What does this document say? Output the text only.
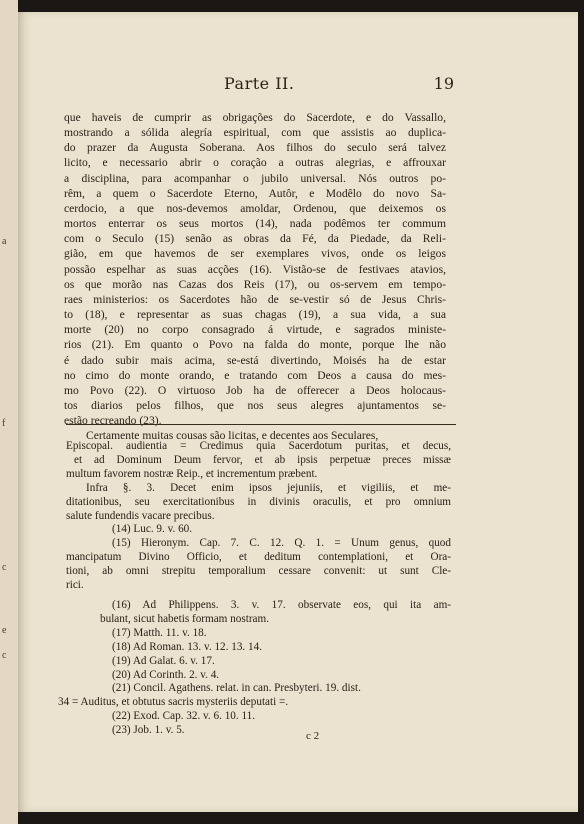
a
f
c
e
c
Parte II.	19
que haveis de cumprir as obrigações do Sacerdote, e do Vassallo,
mostrando a sólida alegría espiritual, com que assistis ao duplica-
do prazer da Augusta Soberana. Aos filhos do seculo será talvez
licito, e necessario abrir o coração a outras alegrias, e affrouxar
a disciplina, para acompanhar o jubilo universal. Nós outros po-
rêm, a quem o Sacerdote Eterno, Autôr, e Modêlo do novo Sa-
cerdocio, a que nos-devemos amoldar, Ordenou, que deixemos os
mortos enterrar os seus mortos (14), nada podêmos ter commum
com o Seculo (15) senão as obras da Fé, da Piedade, da Reli-
gião, em que havemos de ser exemplares vivos, onde os leigos
possão espelhar as suas acções (16). Vistão-se de festivaes atavios,
os que morão nas Cazas dos Reis (17), ou os-servem em tempo-
raes ministerios: os Sacerdotes hão de se-vestir só de Jesus Chris-
to (18), e representar as suas chagas (19), a sua vida, a sua
morte (20) no corpo consagrado á virtude, e sagrados ministe-
rios (21). Em quanto o Povo na falda do monte, porque lhe não
é dado subir mais acima, se-está divertindo, Moisés ha de estar
no cimo do monte orando, e tratando com Deos a causa do mes-
mo Povo (22). O virtuoso Job ha de offerecer a Deos holocaus-
tos diarios pelos filhos, que nos seus alegres ajuntamentos se-
estão recreando (23).
Certamente muitas cousas são licitas, e decentes aos Seculares,
Episcopal. audientia = Credimus quia Sacerdotum puritas, et decus,
et ad Dominum Deum fervor, et ab ipsis perpetuæ preces missæ
multum favorem nostræ Reip., et incrementum præbent.
Infra §. 3. Decet enim ipsos jejuniis, et vigiliis, et me-
ditationibus, seu exercitationibus in divinis oraculis, et pro omnium
salute fundendis vacare precibus.
(14) Luc. 9. v. 60.
(15) Hieronym. Cap. 7. C. 12. Q. 1. = Unum genus, quod
mancipatum Divino Officio, et deditum contemplationi, et Ora-
tioni, ab omni strepitu temporalium cessare convenit: ut sunt Cle-
rici.
(16) Ad Philippens. 3. v. 17. observate eos, qui ita am-
bulant, sicut habetis formam nostram.
(17) Matth. 11. v. 18.
(18) Ad Roman. 13. v. 12. 13. 14.
(19) Ad Galat. 6. v. 17.
(20) Ad Corinth. 2. v. 4.
(21) Concil. Agathens. relat. in can. Presbyteri. 19. dist.
34 = Auditus, et obtutus sacris mysteriis deputati =.
(22) Exod. Cap. 32. v. 6. 10. 11.
(23) Job. 1. v. 5.	c 2
